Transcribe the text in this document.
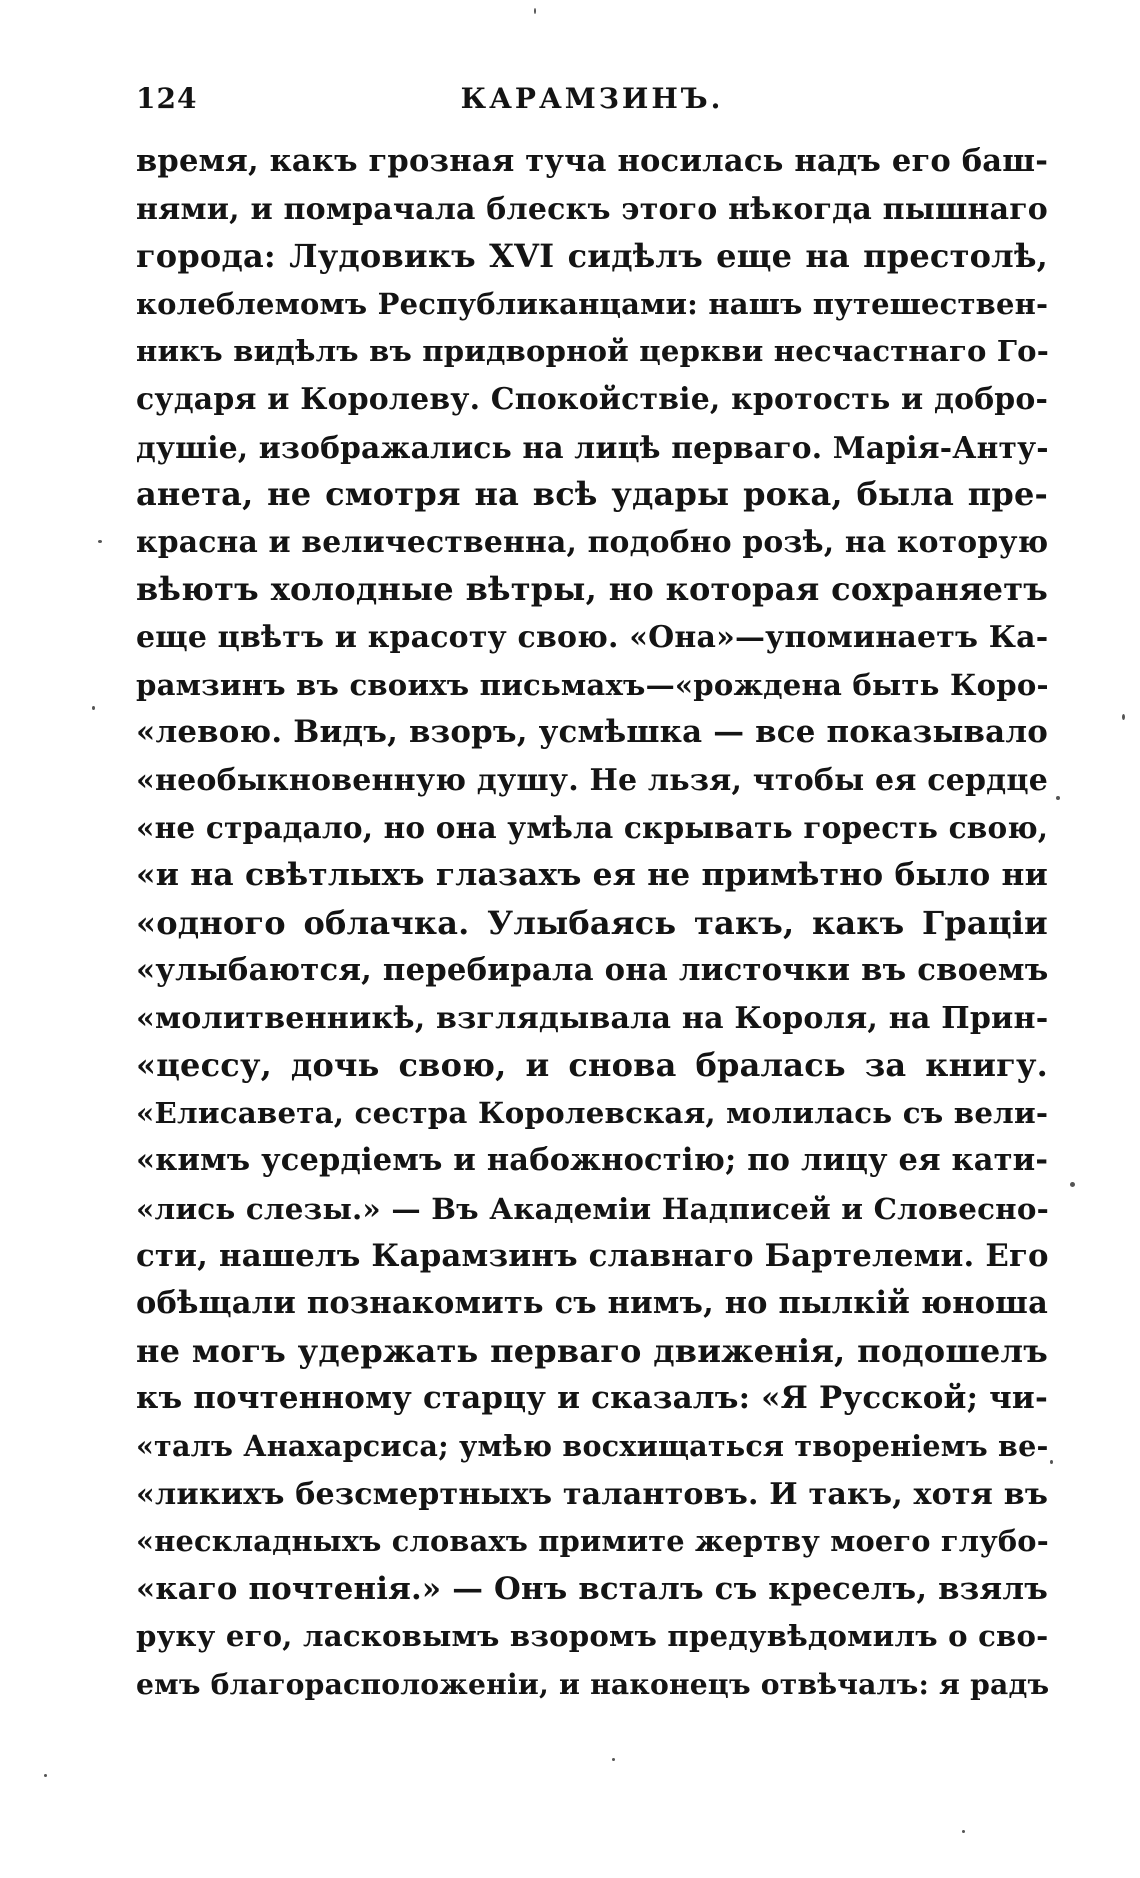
124	КАРАМЗИНЪ.
время, какъ грозная туча носилась надъ его баш-
нями, и помрачала блескъ этого нѣкогда пышнаго
города: Лудовикъ XVI сидѣлъ еще на престолѣ,
колеблемомъ Республиканцами: нашъ путешествен-
никъ видѣлъ въ придворной церкви несчастнаго Го-
сударя и Королеву. Спокойствіе, кротость и добро-
душіе, изображались на лицѣ перваго. Марія-Анту-
анета, не смотря на всѣ удары рока, была пре-
красна и величественна, подобно розѣ, на которую
вѣютъ холодные вѣтры, но которая сохраняетъ
еще цвѣтъ и красоту свою. «Она»—упоминаетъ Ка-
рамзинъ въ своихъ письмахъ—«рождена быть Коро-
«левою. Видъ, взоръ, усмѣшка — все показывало
«необыкновенную душу. Не льзя, чтобы ея сердце
«не страдало, но она умѣла скрывать горесть свою,
«и на свѣтлыхъ глазахъ ея не примѣтно было ни
«одного облачка. Улыбаясь такъ, какъ Граціи
«улыбаются, перебирала она листочки въ своемъ
«молитвенникѣ, взглядывала на Короля, на Прин-
«цессу, дочь свою, и снова бралась за книгу.
«Елисавета, сестра Королевская, молилась съ вели-
«кимъ усердіемъ и набожностію; по лицу ея кати-
«лись слезы.» — Въ Академіи Надписей и Словесно-
сти, нашелъ Карамзинъ славнаго Бартелеми. Его
обѣщали познакомить съ нимъ, но пылкій юноша
не могъ удержать перваго движенія, подошелъ
къ почтенному старцу и сказалъ: «Я Русской; чи-
«талъ Анахарсиса; умѣю восхищаться твореніемъ ве-
«ликихъ безсмертныхъ талантовъ. И такъ, хотя въ
«нескладныхъ словахъ примите жертву моего глубо-
«каго почтенія.» — Онъ всталъ съ креселъ, взялъ
руку его, ласковымъ взоромъ предувѣдомилъ о сво-
емъ благорасположеніи, и наконецъ отвѣчалъ: я радъ
